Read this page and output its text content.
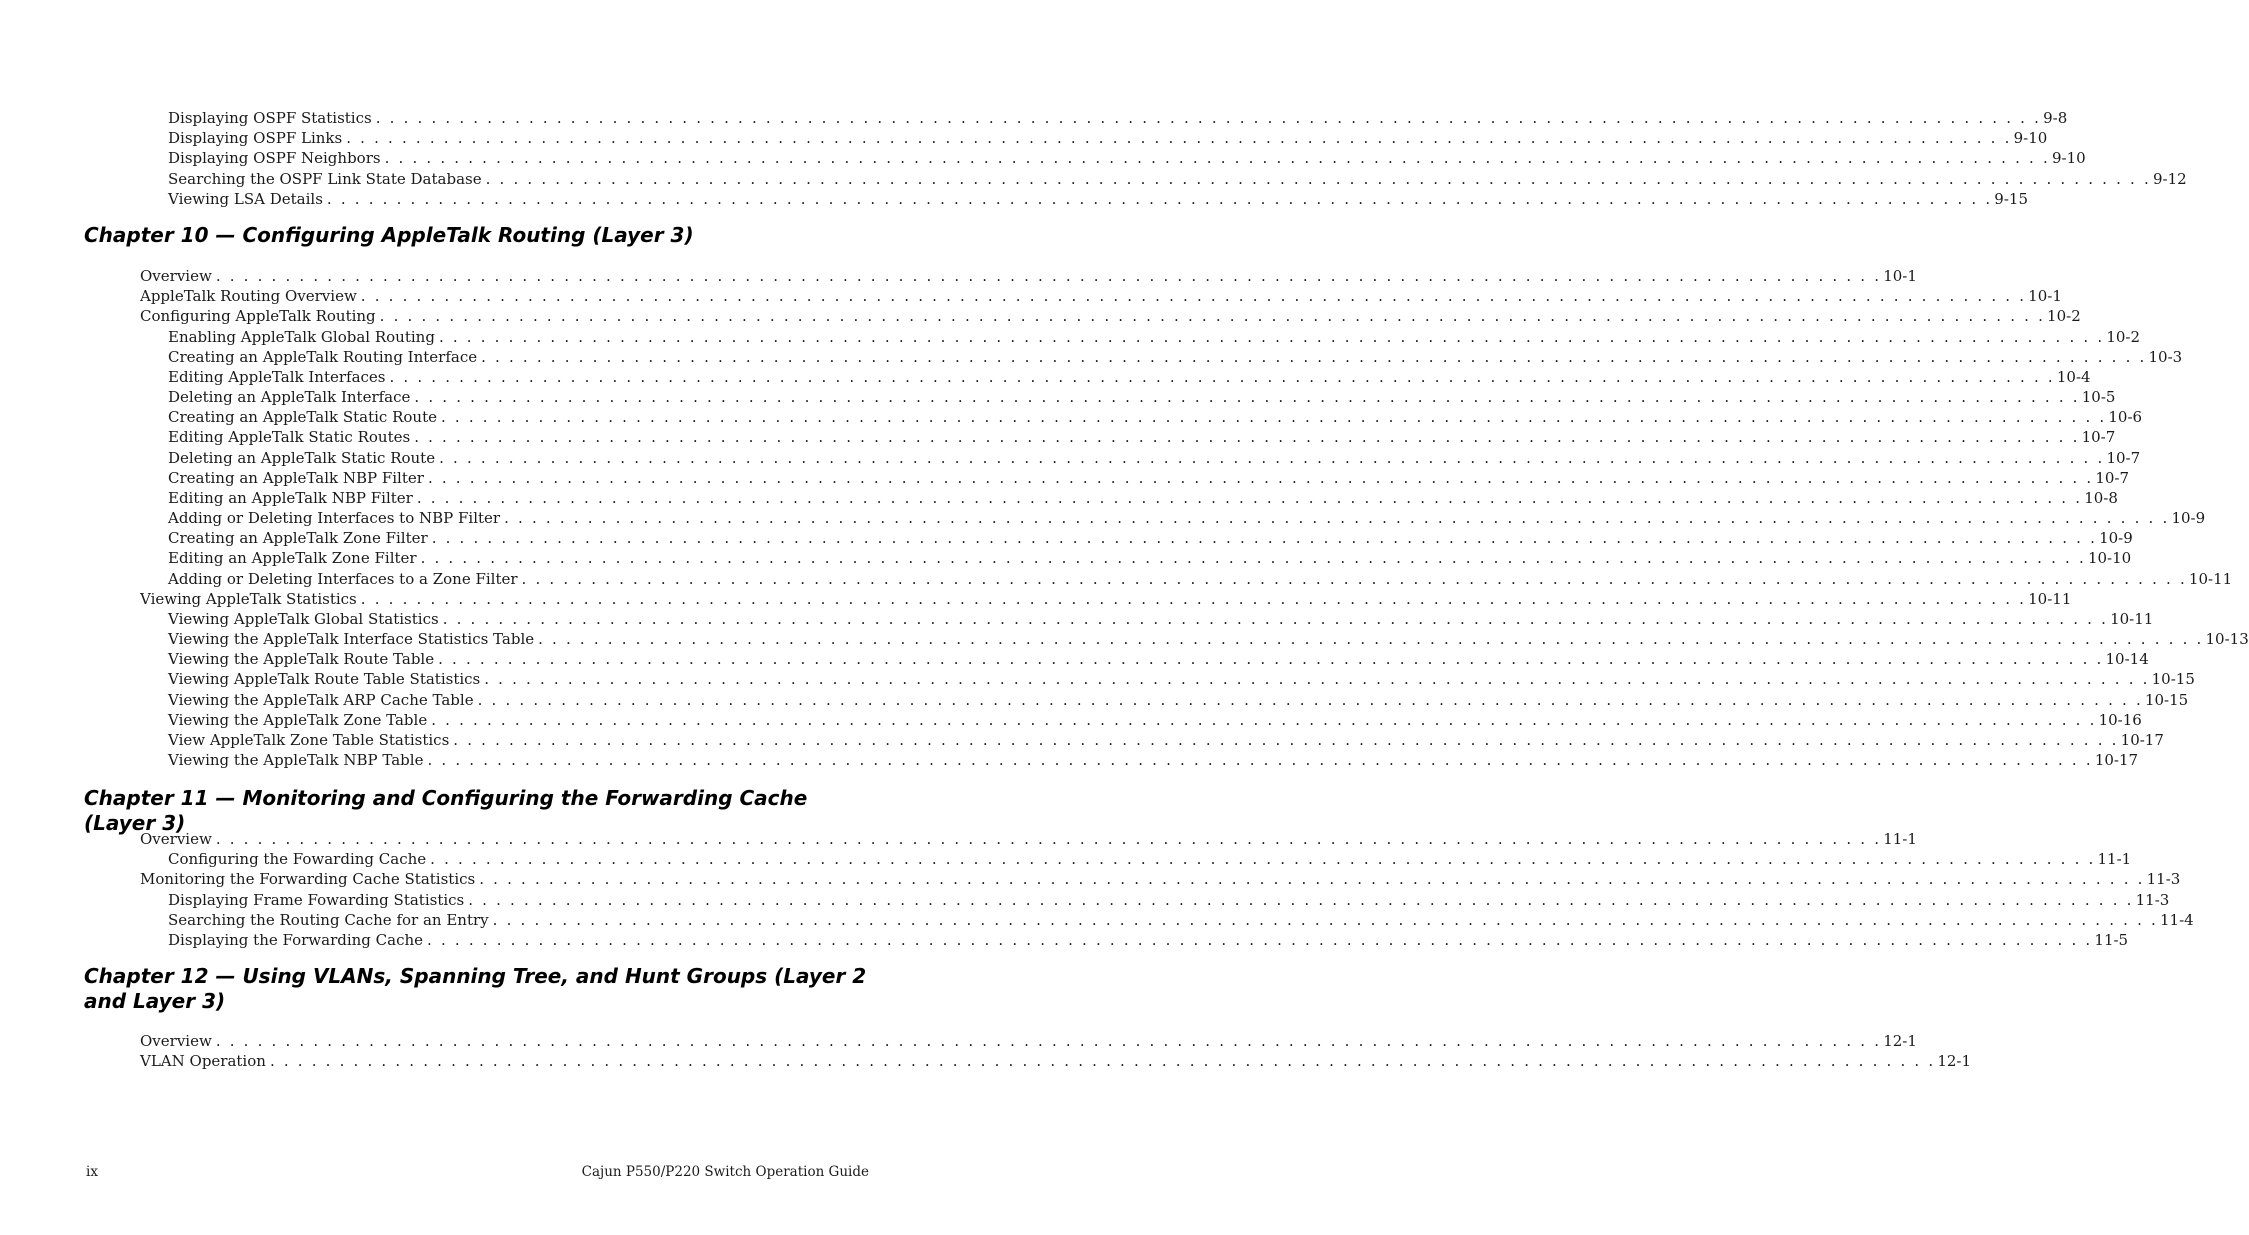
Displaying OSPF Statistics . . . . . . . . . . . . . . . . . . . . . . . . . . . . . . . . . . . . . . . . . . . . . . . . . . . . . . . . . . . . . . . . . . . . . . . . . . . . . . . . . . . . . . . . . . . . . . . . . . . . . . . . . . . . . . . . . . . . . . . . 9-8
Displaying OSPF Links . . . . . . . . . . . . . . . . . . . . . . . . . . . . . . . . . . . . . . . . . . . . . . . . . . . . . . . . . . . . . . . . . . . . . . . . . . . . . . . . . . . . . . . . . . . . . . . . . . . . . . . . . . . . . . . . . . . . . . . . 9-10
Displaying OSPF Neighbors . . . . . . . . . . . . . . . . . . . . . . . . . . . . . . . . . . . . . . . . . . . . . . . . . . . . . . . . . . . . . . . . . . . . . . . . . . . . . . . . . . . . . . . . . . . . . . . . . . . . . . . . . . . . . . . . . . . . . . . . 9-10
Searching the OSPF Link State Database . . . . . . . . . . . . . . . . . . . . . . . . . . . . . . . . . . . . . . . . . . . . . . . . . . . . . . . . . . . . . . . . . . . . . . . . . . . . . . . . . . . . . . . . . . . . . . . . . . . . . . . . . . . . . . . . . . . . . . . . 9-12
Viewing LSA Details . . . . . . . . . . . . . . . . . . . . . . . . . . . . . . . . . . . . . . . . . . . . . . . . . . . . . . . . . . . . . . . . . . . . . . . . . . . . . . . . . . . . . . . . . . . . . . . . . . . . . . . . . . . . . . . . . . . . . . . . 9-15
Chapter 10 — Configuring AppleTalk Routing (Layer 3)
Overview . . . . . . . . . . . . . . . . . . . . . . . . . . . . . . . . . . . . . . . . . . . . . . . . . . . . . . . . . . . . . . . . . . . . . . . . . . . . . . . . . . . . . . . . . . . . . . . . . . . . . . . . . . . . . . . . . . . . . . . . 10-1
AppleTalk Routing Overview . . . . . . . . . . . . . . . . . . . . . . . . . . . . . . . . . . . . . . . . . . . . . . . . . . . . . . . . . . . . . . . . . . . . . . . . . . . . . . . . . . . . . . . . . . . . . . . . . . . . . . . . . . . . . . . . . . . . . . . . 10-1
Configuring AppleTalk Routing . . . . . . . . . . . . . . . . . . . . . . . . . . . . . . . . . . . . . . . . . . . . . . . . . . . . . . . . . . . . . . . . . . . . . . . . . . . . . . . . . . . . . . . . . . . . . . . . . . . . . . . . . . . . . . . . . . . . . . . . 10-2
Enabling AppleTalk Global Routing . . . . . . . . . . . . . . . . . . . . . . . . . . . . . . . . . . . . . . . . . . . . . . . . . . . . . . . . . . . . . . . . . . . . . . . . . . . . . . . . . . . . . . . . . . . . . . . . . . . . . . . . . . . . . . . . . . . . . . . . 10-2
Creating an AppleTalk Routing Interface . . . . . . . . . . . . . . . . . . . . . . . . . . . . . . . . . . . . . . . . . . . . . . . . . . . . . . . . . . . . . . . . . . . . . . . . . . . . . . . . . . . . . . . . . . . . . . . . . . . . . . . . . . . . . . . . . . . . . . . . 10-3
Editing AppleTalk Interfaces . . . . . . . . . . . . . . . . . . . . . . . . . . . . . . . . . . . . . . . . . . . . . . . . . . . . . . . . . . . . . . . . . . . . . . . . . . . . . . . . . . . . . . . . . . . . . . . . . . . . . . . . . . . . . . . . . . . . . . . . 10-4
Deleting an AppleTalk Interface . . . . . . . . . . . . . . . . . . . . . . . . . . . . . . . . . . . . . . . . . . . . . . . . . . . . . . . . . . . . . . . . . . . . . . . . . . . . . . . . . . . . . . . . . . . . . . . . . . . . . . . . . . . . . . . . . . . . . . . . 10-5
Creating an AppleTalk Static Route . . . . . . . . . . . . . . . . . . . . . . . . . . . . . . . . . . . . . . . . . . . . . . . . . . . . . . . . . . . . . . . . . . . . . . . . . . . . . . . . . . . . . . . . . . . . . . . . . . . . . . . . . . . . . . . . . . . . . . . . 10-6
Editing AppleTalk Static Routes . . . . . . . . . . . . . . . . . . . . . . . . . . . . . . . . . . . . . . . . . . . . . . . . . . . . . . . . . . . . . . . . . . . . . . . . . . . . . . . . . . . . . . . . . . . . . . . . . . . . . . . . . . . . . . . . . . . . . . . . 10-7
Deleting an AppleTalk Static Route . . . . . . . . . . . . . . . . . . . . . . . . . . . . . . . . . . . . . . . . . . . . . . . . . . . . . . . . . . . . . . . . . . . . . . . . . . . . . . . . . . . . . . . . . . . . . . . . . . . . . . . . . . . . . . . . . . . . . . . . 10-7
Creating an AppleTalk NBP Filter . . . . . . . . . . . . . . . . . . . . . . . . . . . . . . . . . . . . . . . . . . . . . . . . . . . . . . . . . . . . . . . . . . . . . . . . . . . . . . . . . . . . . . . . . . . . . . . . . . . . . . . . . . . . . . . . . . . . . . . . 10-7
Editing an AppleTalk NBP Filter . . . . . . . . . . . . . . . . . . . . . . . . . . . . . . . . . . . . . . . . . . . . . . . . . . . . . . . . . . . . . . . . . . . . . . . . . . . . . . . . . . . . . . . . . . . . . . . . . . . . . . . . . . . . . . . . . . . . . . . . 10-8
Adding or Deleting Interfaces to NBP Filter . . . . . . . . . . . . . . . . . . . . . . . . . . . . . . . . . . . . . . . . . . . . . . . . . . . . . . . . . . . . . . . . . . . . . . . . . . . . . . . . . . . . . . . . . . . . . . . . . . . . . . . . . . . . . . . . . . . . . . . . 10-9
Creating an AppleTalk Zone Filter . . . . . . . . . . . . . . . . . . . . . . . . . . . . . . . . . . . . . . . . . . . . . . . . . . . . . . . . . . . . . . . . . . . . . . . . . . . . . . . . . . . . . . . . . . . . . . . . . . . . . . . . . . . . . . . . . . . . . . . . 10-9
Editing an AppleTalk Zone Filter . . . . . . . . . . . . . . . . . . . . . . . . . . . . . . . . . . . . . . . . . . . . . . . . . . . . . . . . . . . . . . . . . . . . . . . . . . . . . . . . . . . . . . . . . . . . . . . . . . . . . . . . . . . . . . . . . . . . . . . . 10-10
Adding or Deleting Interfaces to a Zone Filter . . . . . . . . . . . . . . . . . . . . . . . . . . . . . . . . . . . . . . . . . . . . . . . . . . . . . . . . . . . . . . . . . . . . . . . . . . . . . . . . . . . . . . . . . . . . . . . . . . . . . . . . . . . . . . . . . . . . . . . . 10-11
Viewing AppleTalk Statistics . . . . . . . . . . . . . . . . . . . . . . . . . . . . . . . . . . . . . . . . . . . . . . . . . . . . . . . . . . . . . . . . . . . . . . . . . . . . . . . . . . . . . . . . . . . . . . . . . . . . . . . . . . . . . . . . . . . . . . . . 10-11
Viewing AppleTalk Global Statistics . . . . . . . . . . . . . . . . . . . . . . . . . . . . . . . . . . . . . . . . . . . . . . . . . . . . . . . . . . . . . . . . . . . . . . . . . . . . . . . . . . . . . . . . . . . . . . . . . . . . . . . . . . . . . . . . . . . . . . . . 10-11
Viewing the AppleTalk Interface Statistics Table . . . . . . . . . . . . . . . . . . . . . . . . . . . . . . . . . . . . . . . . . . . . . . . . . . . . . . . . . . . . . . . . . . . . . . . . . . . . . . . . . . . . . . . . . . . . . . . . . . . . . . . . . . . . . . . . . . . . . . . . 10-13
Viewing the AppleTalk Route Table . . . . . . . . . . . . . . . . . . . . . . . . . . . . . . . . . . . . . . . . . . . . . . . . . . . . . . . . . . . . . . . . . . . . . . . . . . . . . . . . . . . . . . . . . . . . . . . . . . . . . . . . . . . . . . . . . . . . . . . . 10-14
Viewing AppleTalk Route Table Statistics . . . . . . . . . . . . . . . . . . . . . . . . . . . . . . . . . . . . . . . . . . . . . . . . . . . . . . . . . . . . . . . . . . . . . . . . . . . . . . . . . . . . . . . . . . . . . . . . . . . . . . . . . . . . . . . . . . . . . . . . 10-15
Viewing the AppleTalk ARP Cache Table . . . . . . . . . . . . . . . . . . . . . . . . . . . . . . . . . . . . . . . . . . . . . . . . . . . . . . . . . . . . . . . . . . . . . . . . . . . . . . . . . . . . . . . . . . . . . . . . . . . . . . . . . . . . . . . . . . . . . . . . 10-15
Viewing the AppleTalk Zone Table . . . . . . . . . . . . . . . . . . . . . . . . . . . . . . . . . . . . . . . . . . . . . . . . . . . . . . . . . . . . . . . . . . . . . . . . . . . . . . . . . . . . . . . . . . . . . . . . . . . . . . . . . . . . . . . . . . . . . . . . 10-16
View AppleTalk Zone Table Statistics . . . . . . . . . . . . . . . . . . . . . . . . . . . . . . . . . . . . . . . . . . . . . . . . . . . . . . . . . . . . . . . . . . . . . . . . . . . . . . . . . . . . . . . . . . . . . . . . . . . . . . . . . . . . . . . . . . . . . . . . 10-17
Viewing the AppleTalk NBP Table . . . . . . . . . . . . . . . . . . . . . . . . . . . . . . . . . . . . . . . . . . . . . . . . . . . . . . . . . . . . . . . . . . . . . . . . . . . . . . . . . . . . . . . . . . . . . . . . . . . . . . . . . . . . . . . . . . . . . . . . 10-17
Chapter 11 — Monitoring and Configuring the Forwarding Cache (Layer 3)
Overview . . . . . . . . . . . . . . . . . . . . . . . . . . . . . . . . . . . . . . . . . . . . . . . . . . . . . . . . . . . . . . . . . . . . . . . . . . . . . . . . . . . . . . . . . . . . . . . . . . . . . . . . . . . . . . . . . . . . . . . . 11-1
Configuring the Fowarding Cache . . . . . . . . . . . . . . . . . . . . . . . . . . . . . . . . . . . . . . . . . . . . . . . . . . . . . . . . . . . . . . . . . . . . . . . . . . . . . . . . . . . . . . . . . . . . . . . . . . . . . . . . . . . . . . . . . . . . . . . . 11-1
Monitoring the Forwarding Cache Statistics . . . . . . . . . . . . . . . . . . . . . . . . . . . . . . . . . . . . . . . . . . . . . . . . . . . . . . . . . . . . . . . . . . . . . . . . . . . . . . . . . . . . . . . . . . . . . . . . . . . . . . . . . . . . . . . . . . . . . . . . 11-3
Displaying Frame Fowarding Statistics . . . . . . . . . . . . . . . . . . . . . . . . . . . . . . . . . . . . . . . . . . . . . . . . . . . . . . . . . . . . . . . . . . . . . . . . . . . . . . . . . . . . . . . . . . . . . . . . . . . . . . . . . . . . . . . . . . . . . . . . 11-3
Searching the Routing Cache for an Entry . . . . . . . . . . . . . . . . . . . . . . . . . . . . . . . . . . . . . . . . . . . . . . . . . . . . . . . . . . . . . . . . . . . . . . . . . . . . . . . . . . . . . . . . . . . . . . . . . . . . . . . . . . . . . . . . . . . . . . . . 11-4
Displaying the Forwarding Cache . . . . . . . . . . . . . . . . . . . . . . . . . . . . . . . . . . . . . . . . . . . . . . . . . . . . . . . . . . . . . . . . . . . . . . . . . . . . . . . . . . . . . . . . . . . . . . . . . . . . . . . . . . . . . . . . . . . . . . . . 11-5
Chapter 12 — Using VLANs, Spanning Tree, and Hunt Groups (Layer 2 and Layer 3)
Overview . . . . . . . . . . . . . . . . . . . . . . . . . . . . . . . . . . . . . . . . . . . . . . . . . . . . . . . . . . . . . . . . . . . . . . . . . . . . . . . . . . . . . . . . . . . . . . . . . . . . . . . . . . . . . . . . . . . . . . . . 12-1
VLAN Operation . . . . . . . . . . . . . . . . . . . . . . . . . . . . . . . . . . . . . . . . . . . . . . . . . . . . . . . . . . . . . . . . . . . . . . . . . . . . . . . . . . . . . . . . . . . . . . . . . . . . . . . . . . . . . . . . . . . . . . . . 12-1
ix	Cajun P550/P220 Switch Operation Guide
